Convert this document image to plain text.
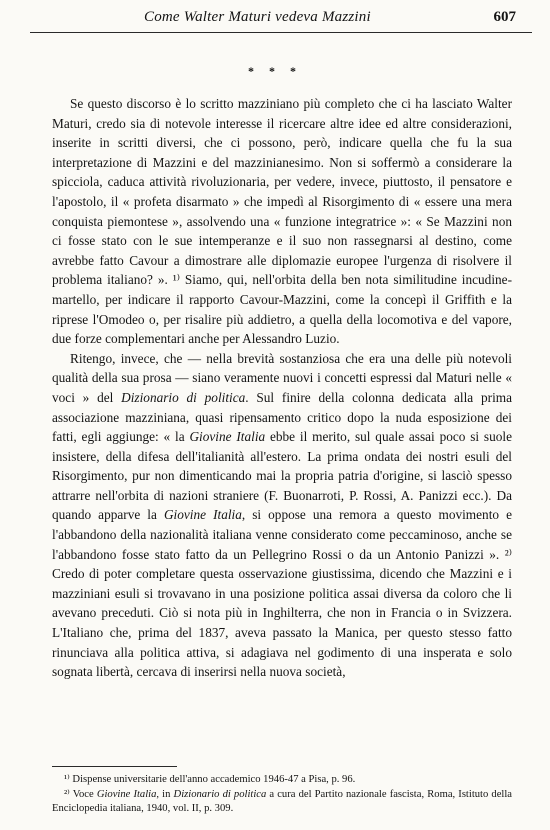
Come Walter Maturi vedeva Mazzini	607
* * *

Se questo discorso è lo scritto mazziniano più completo che ci ha lasciato Walter Maturi, credo sia di notevole interesse il ricercare altre idee ed altre considerazioni, inserite in scritti diversi, che ci possono, però, indicare quella che fu la sua interpretazione di Mazzini e del mazzinianesimo. Non si soffermò a considerare la spicciola, caduca attività rivoluzionaria, per vedere, invece, piuttosto, il pensatore e l'apostolo, il « profeta disarmato » che impedì al Risorgimento di « essere una mera conquista piemontese », assolvendo una « funzione integratrice »: « Se Mazzini non ci fosse stato con le sue intemperanze e il suo non rassegnarsi al destino, come avrebbe fatto Cavour a dimostrare alle diplomazie europee l'urgenza di risolvere il problema italiano? ». ¹⁾ Siamo, qui, nell'orbita della ben nota similitudine incudine-martello, per indicare il rapporto Cavour-Mazzini, come la concepì il Griffith e la riprese l'Omodeo o, per risalire più addietro, a quella della locomotiva e del vapore, due forze complementari anche per Alessandro Luzio.

Ritengo, invece, che — nella brevità sostanziosa che era una delle più notevoli qualità della sua prosa — siano veramente nuovi i concetti espressi dal Maturi nelle « voci » del Dizionario di politica. Sul finire della colonna dedicata alla prima associazione mazziniana, quasi ripensamento critico dopo la nuda esposizione dei fatti, egli aggiunge: « la Giovine Italia ebbe il merito, sul quale assai poco si suole insistere, della difesa dell'italianità all'estero. La prima ondata dei nostri esuli del Risorgimento, pur non dimenticando mai la propria patria d'origine, si lasciò spesso attrarre nell'orbita di nazioni straniere (F. Buonarroti, P. Rossi, A. Panizzi ecc.). Da quando apparve la Giovine Italia, si oppose una remora a questo movimento e l'abbandono della nazionalità italiana venne considerato come peccaminoso, anche se l'abbandono fosse stato fatto da un Pellegrino Rossi o da un Antonio Panizzi ». ²⁾ Credo di poter completare questa osservazione giustissima, dicendo che Mazzini e i mazziniani esuli si trovavano in una posizione politica assai diversa da coloro che li avevano preceduti. Ciò si nota più in Inghilterra, che non in Francia o in Svizzera. L'Italiano che, prima del 1837, aveva passato la Manica, per questo stesso fatto rinunciava alla politica attiva, si adagiava nel godimento di una insperata e solo sognata libertà, cercava di inserirsi nella nuova società,

¹⁾ Dispense universitarie dell'anno accademico 1946-47 a Pisa, p. 96.

²⁾ Voce Giovine Italia, in Dizionario di politica a cura del Partito nazionale fascista, Roma, Istituto della Enciclopedia italiana, 1940, vol. II, p. 309.
